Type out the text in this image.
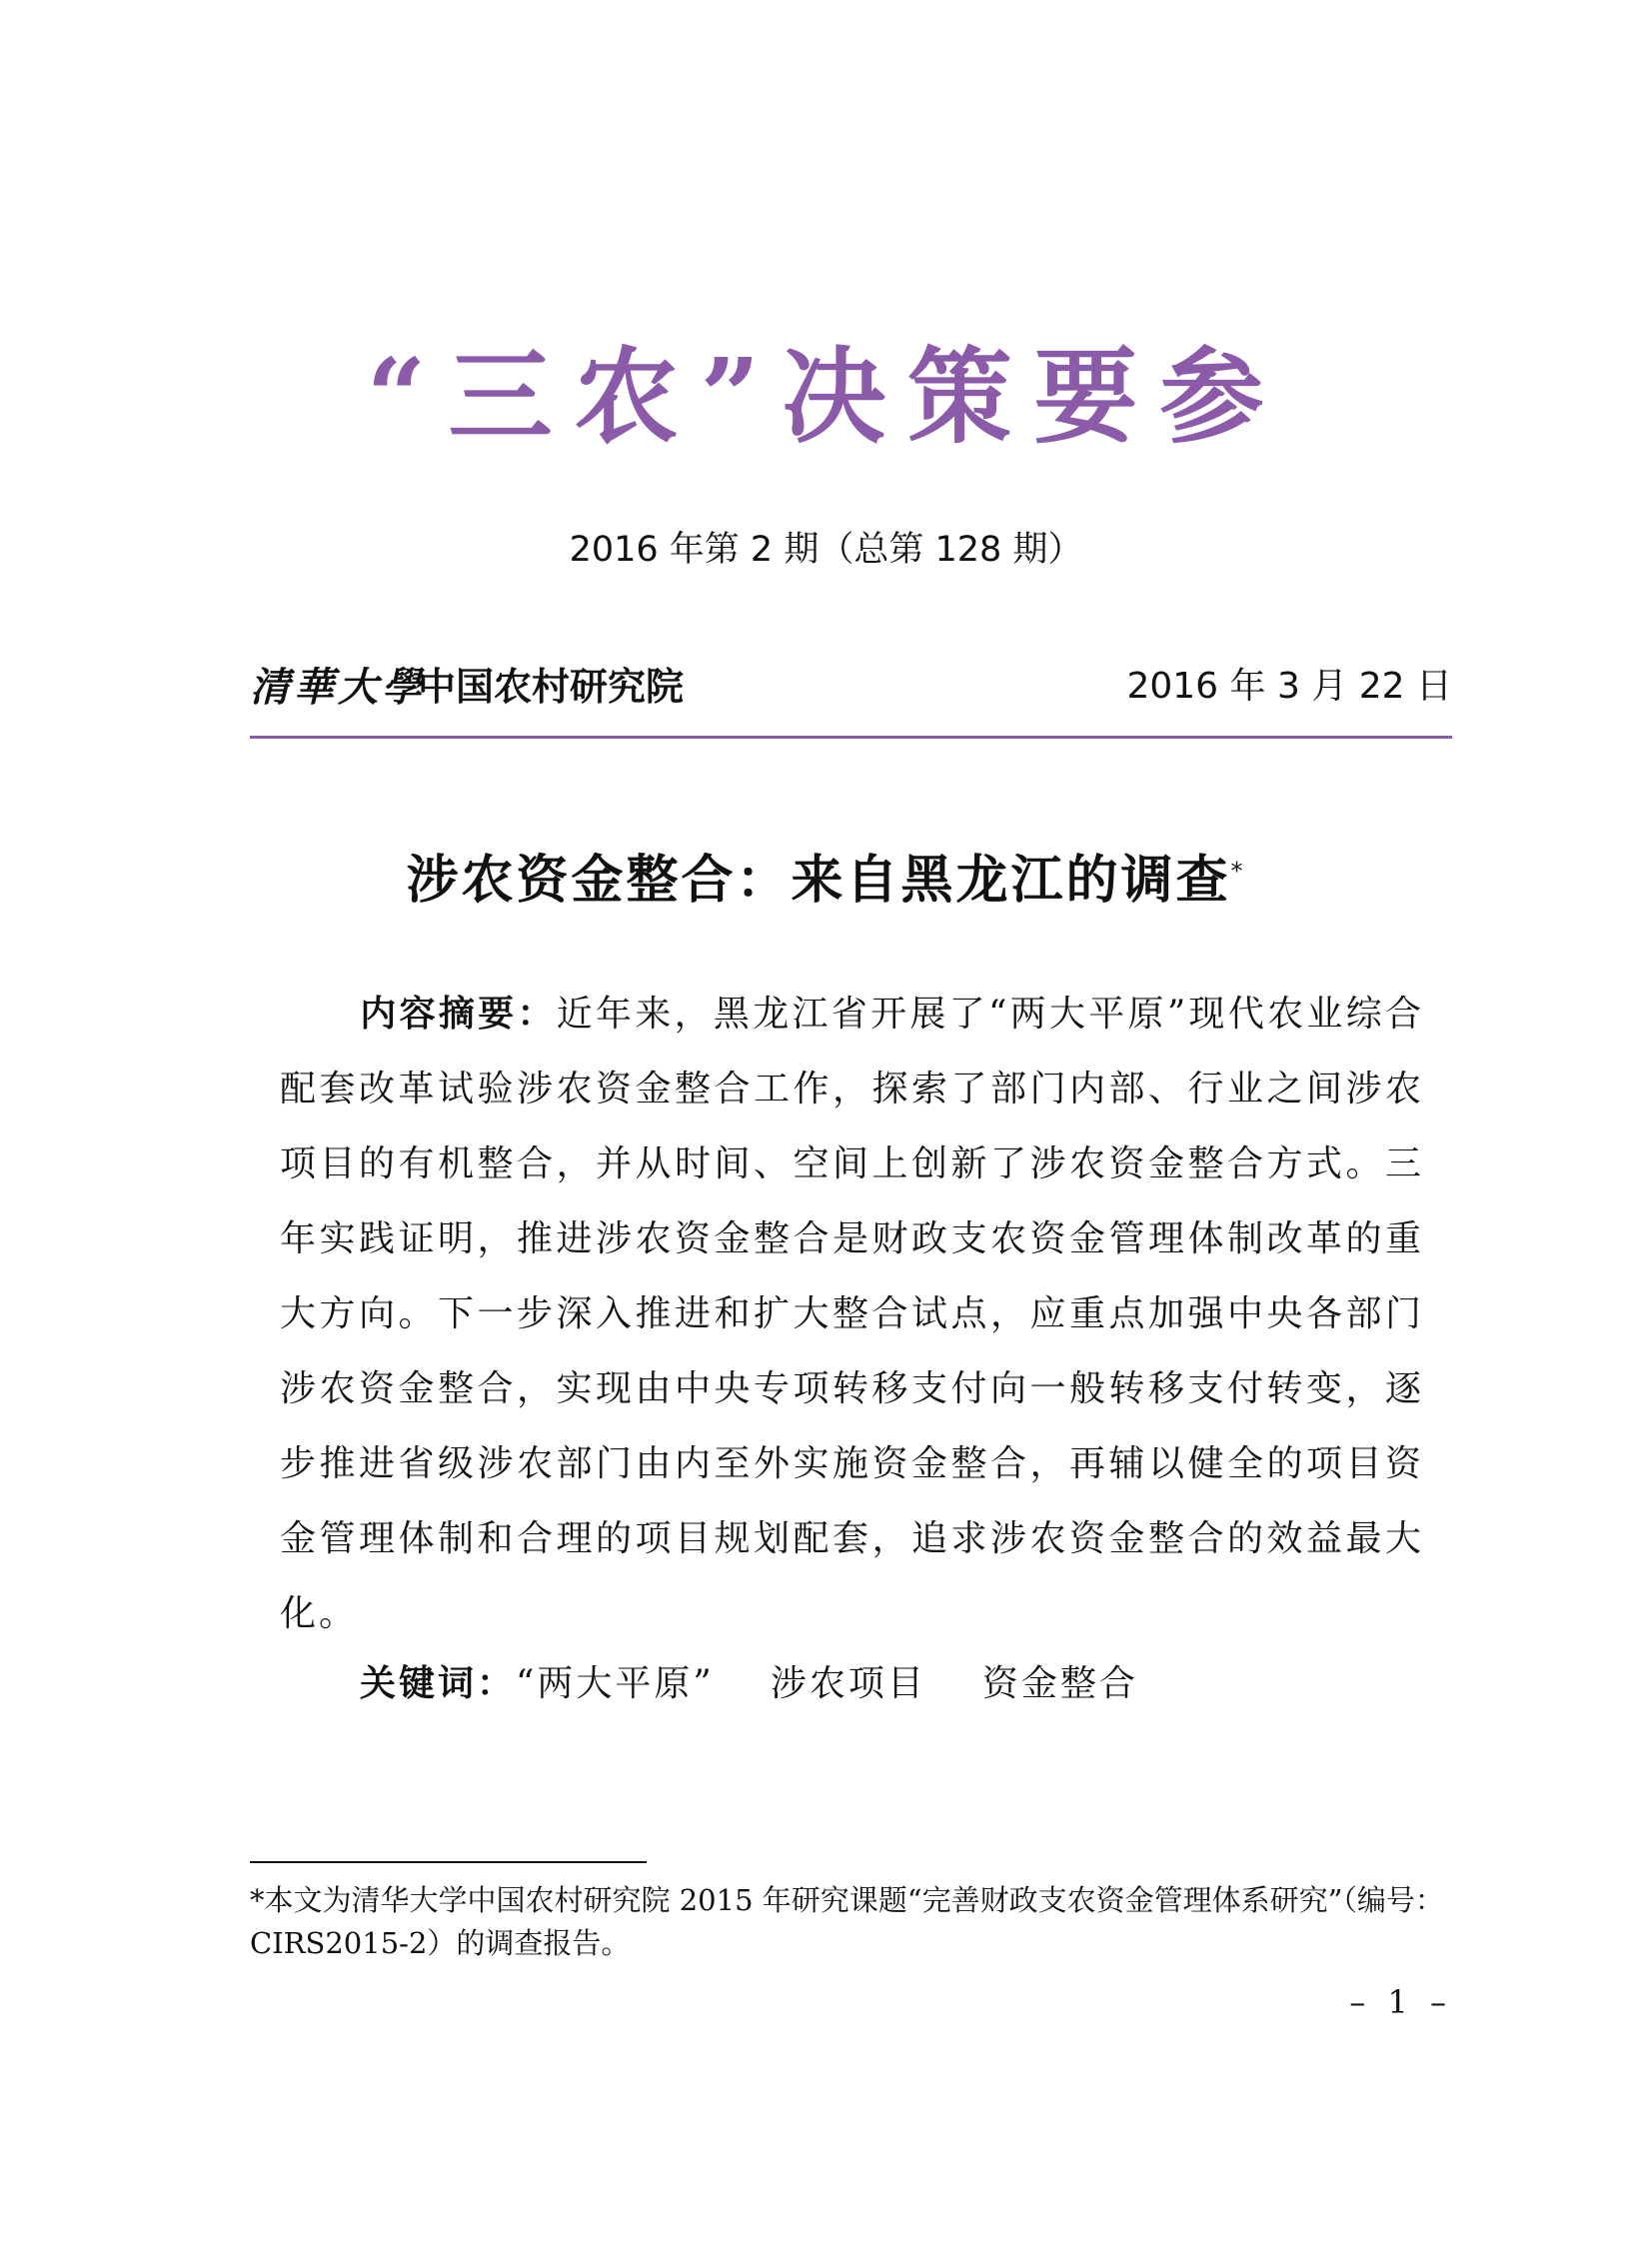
“三农”决策要参
2016 年第 2 期（总第 128 期）
清華大學
中国农村研究院	2016 年 3 月 22 日
涉农资金整合：来自黑龙江的调查*
内容摘要：近年来，黑龙江省开展了“两大平原”现代农业综合配套改革试验涉农资金整合工作，探索了部门内部、行业之间涉农项目的有机整合，并从时间、空间上创新了涉农资金整合方式。三年实践证明，推进涉农资金整合是财政支农资金管理体制改革的重大方向。下一步深入推进和扩大整合试点，应重点加强中央各部门涉农资金整合，实现由中央专项转移支付向一般转移支付转变，逐步推进省级涉农部门由内至外实施资金整合，再辅以健全的项目资金管理体制和合理的项目规划配套，追求涉农资金整合的效益最大化。
关键词：“两大平原” 涉农项目 资金整合
*本文为清华大学中国农村研究院 2015 年研究课题“完善财政支农资金管理体系研究”（编号：CIRS2015-2）的调查报告。
– 1 –
